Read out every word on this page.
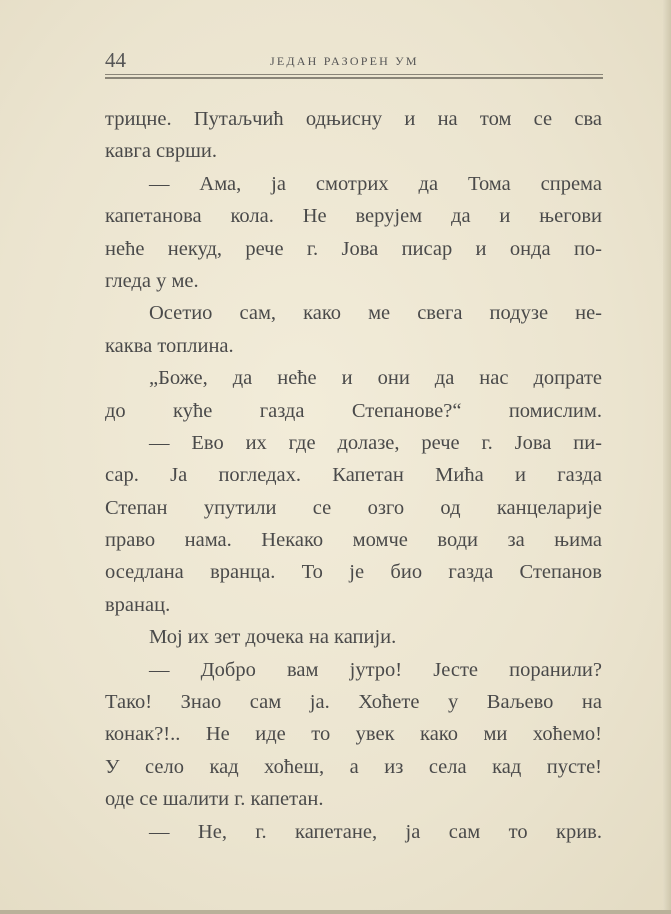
44	ЈЕДАН РАЗОРЕН УМ
трицне. Путаљчић одњисну и на том се сва
кавга сврши.
— Ама, ја смотрих да Тома спрема
капетанова кола. Не верујем да и његови
неће некуд, рече г. Јова писар и онда по-
гледа у ме.
Осетио сам, како ме свега подузе не-
каква топлина.
„Боже, да неће и они да нас допрате
до куће газда Степанове?“ помислим.
— Ево их где долазе, рече г. Јова пи-
сар. Ја погледах. Капетан Мића и газда
Степан упутили се озго од канцеларије
право нама. Некако момче води за њима
оседлана вранца. То је био газда Степанов
вранац.
Мој их зет дочека на капији.
— Добро вам јутро! Јесте поранили?
Тако! Знао сам ја. Хоћете у Ваљево на
конак?!.. Не иде то увек како ми хоћемо!
У село кад хоћеш, а из села кад пусте!
оде се шалити г. капетан.
— Не, г. капетане, ја сам то крив.
